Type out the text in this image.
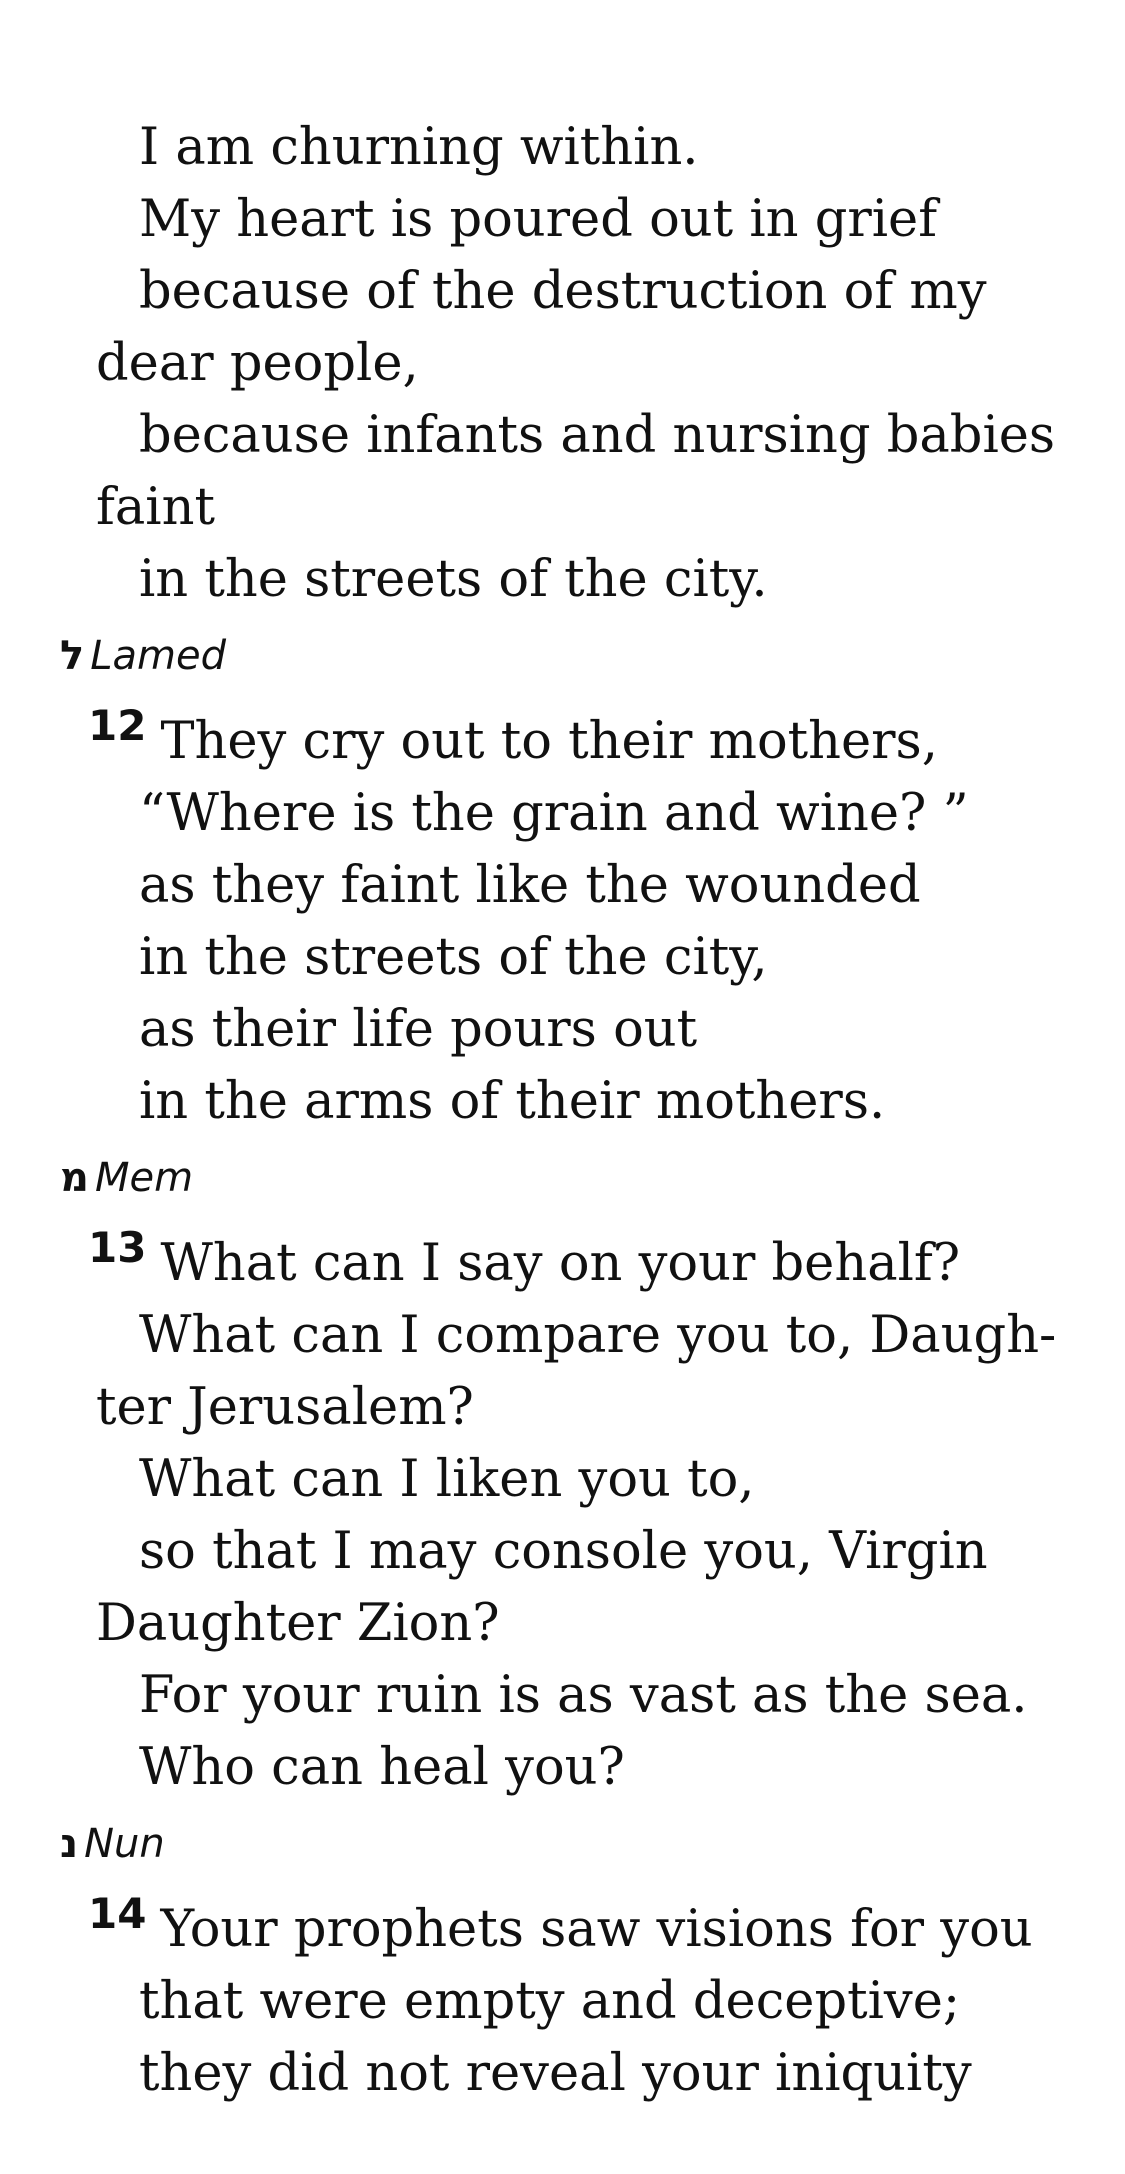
I am churning within.
My heart is poured out in grief
because of the destruction of my
dear people,
because infants and nursing babies
faint
in the streets of the city.
ל Lamed
$^{12}$ They cry out to their mothers,
“Where is the grain and wine? ”
as they faint like the wounded
in the streets of the city,
as their life pours out
in the arms of their mothers.
מ Mem
$^{13}$ What can I say on your behalf?
What can I compare you to, Daugh-
ter Jerusalem?
What can I liken you to,
so that I may console you, Virgin
Daughter Zion?
For your ruin is as vast as the sea.
Who can heal you?
נ Nun
$^{14}$ Your prophets saw visions for you
that were empty and deceptive;
they did not reveal your iniquity
